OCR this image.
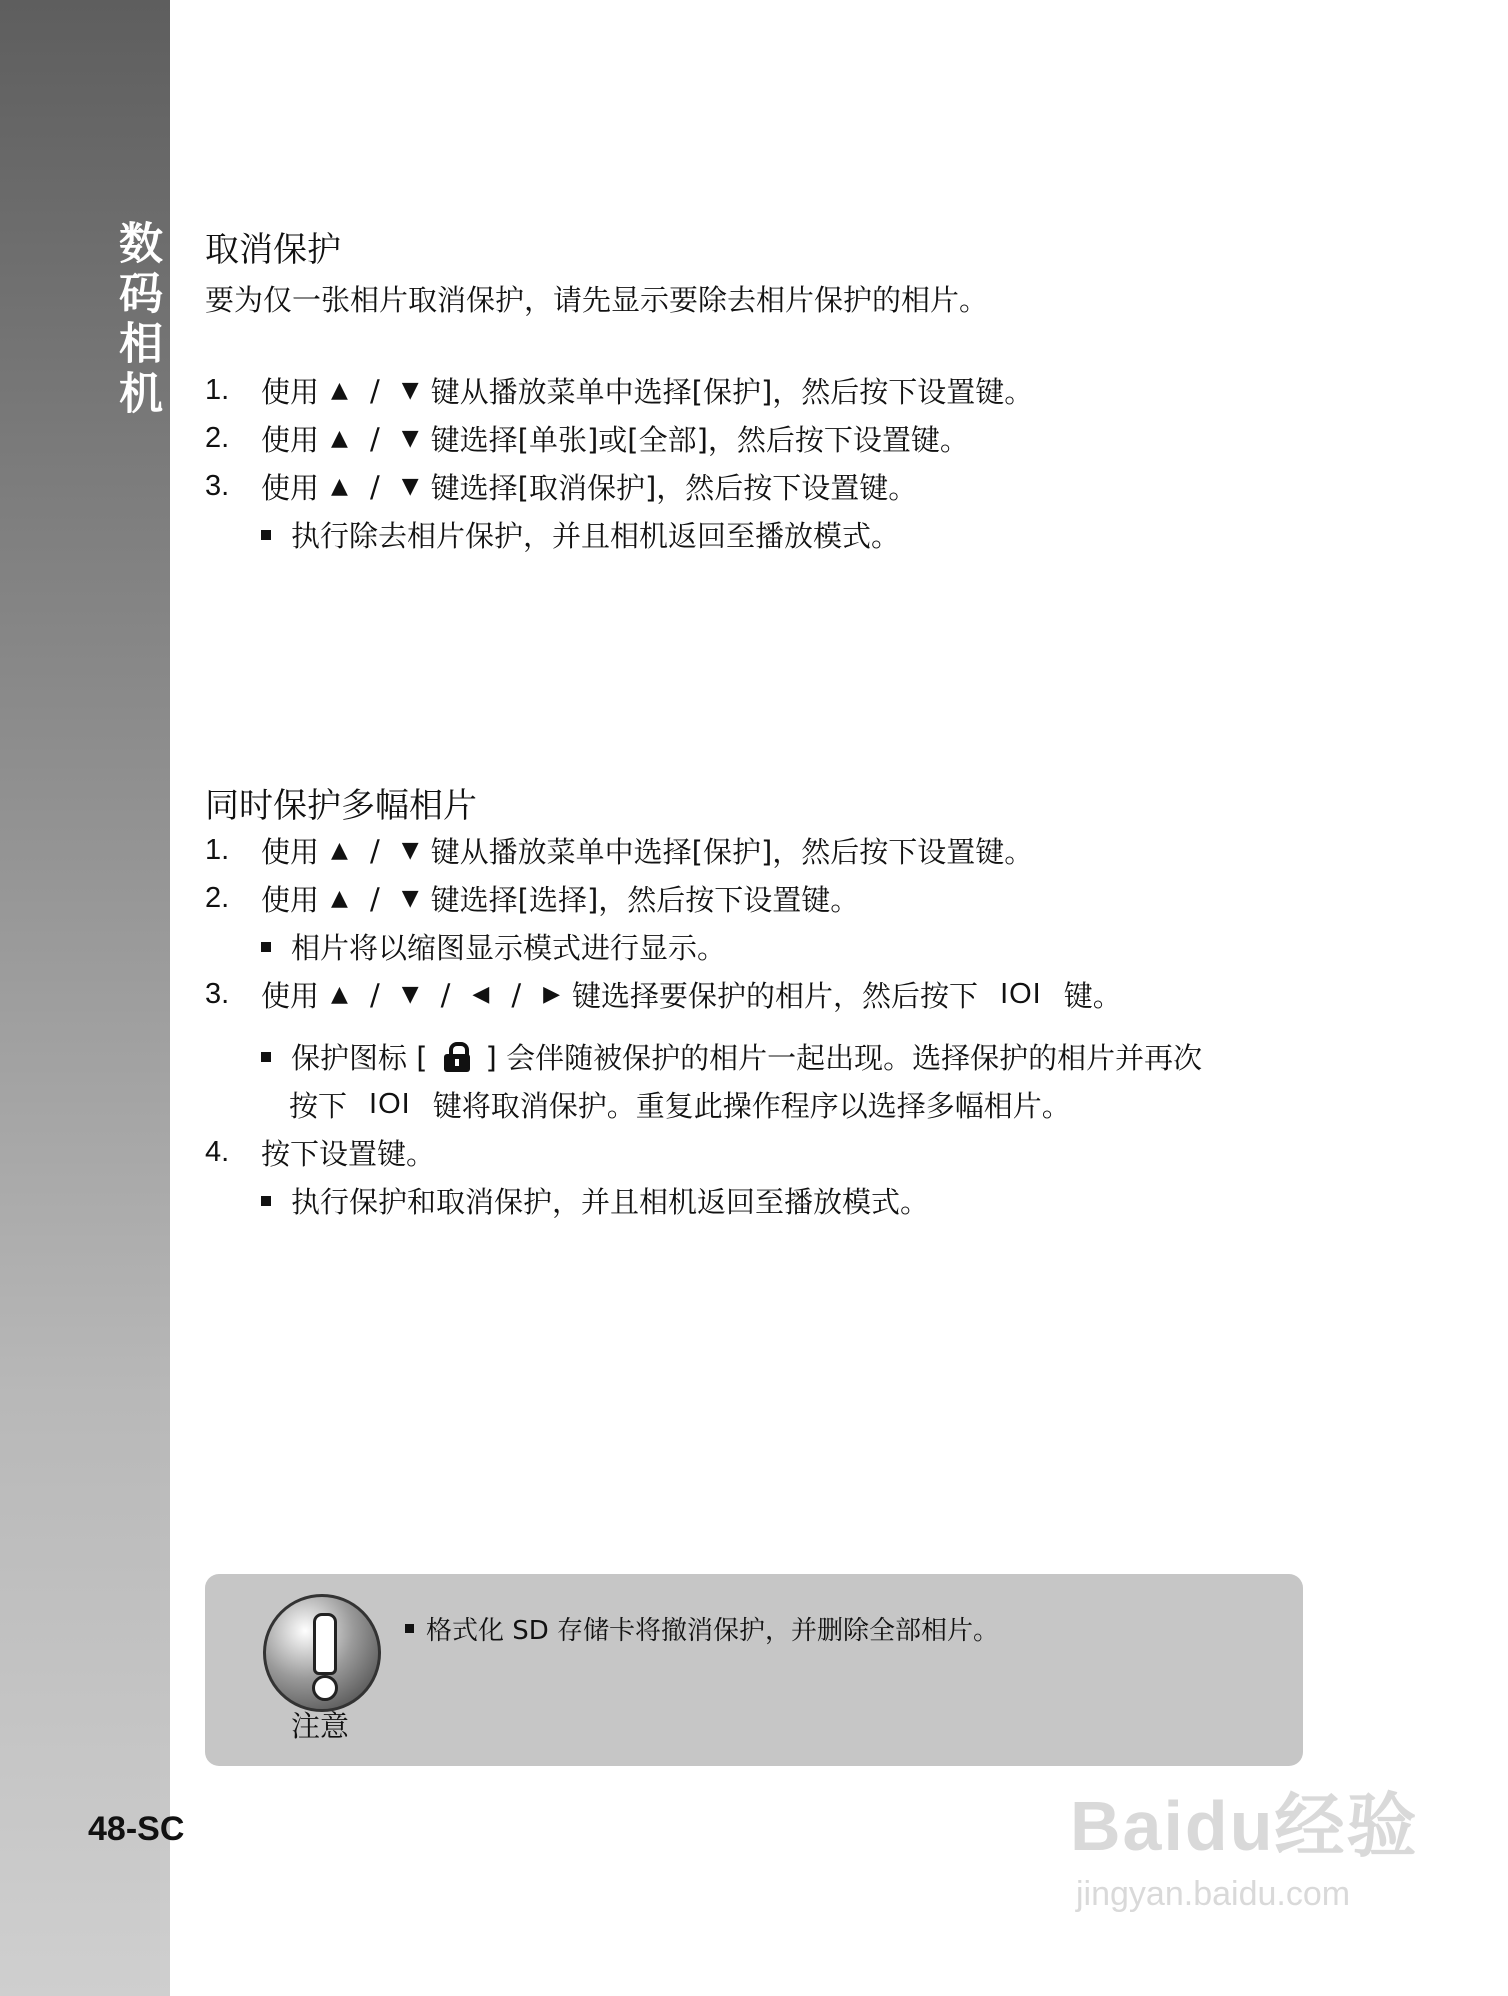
数码相机
48-SC
取消保护
要为仅一张相片取消保护，请先显示要除去相片保护的相片。
1.	使用 ▲ / ▼ 键从播放菜单中选择[保护]，然后按下设置键。
2.	使用 ▲ / ▼ 键选择[单张]或[全部]，然后按下设置键。
3.	使用 ▲ / ▼ 键选择[取消保护]，然后按下设置键。
执行除去相片保护，并且相机返回至播放模式。
同时保护多幅相片
1.	使用 ▲ / ▼ 键从播放菜单中选择[保护]，然后按下设置键。
2.	使用 ▲ / ▼ 键选择[选择]，然后按下设置键。
相片将以缩图显示模式进行显示。
3.	使用 ▲ / ▼ / ◀ / ▶ 键选择要保护的相片，然后按下 IOI 键。
保护图标 [ ] 会伴随被保护的相片一起出现。选择保护的相片并再次
按下 IOI 键将取消保护。重复此操作程序以选择多幅相片。
4.	按下设置键。
执行保护和取消保护，并且相机返回至播放模式。
注意
格式化 SD 存储卡将撤消保护，并删除全部相片。
Baidu经验
jingyan.baidu.com
